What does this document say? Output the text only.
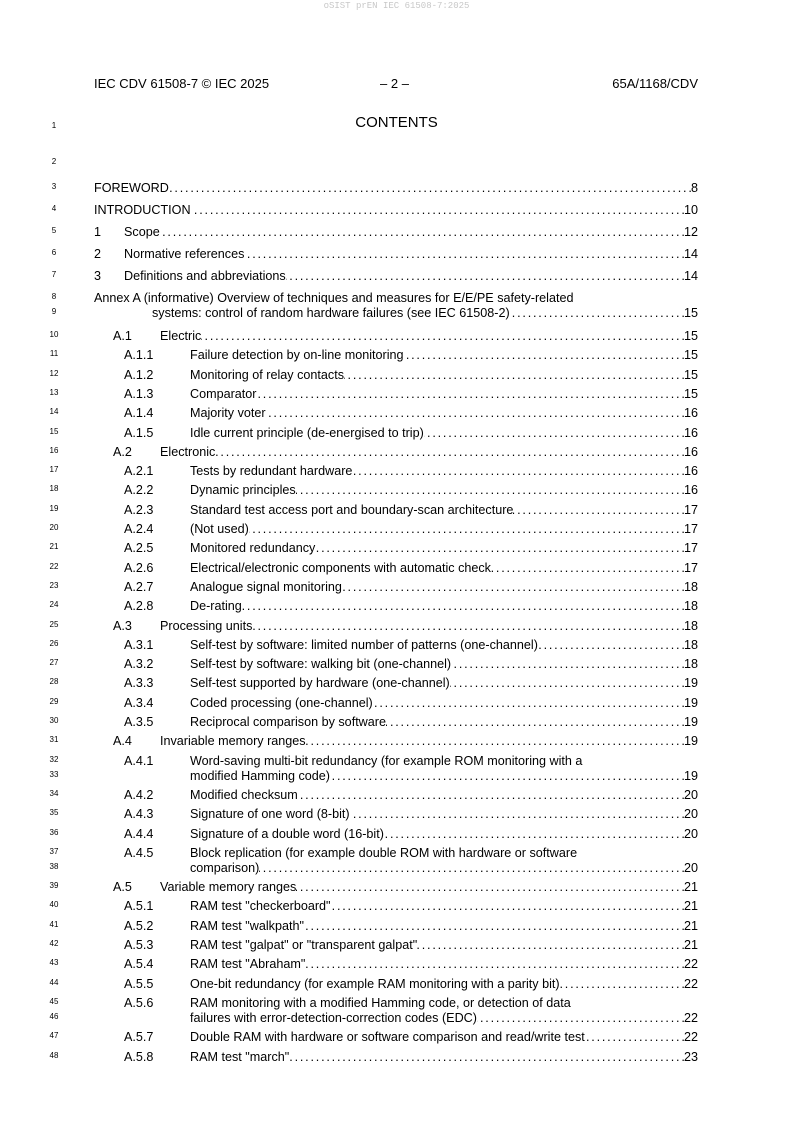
oSIST prEN IEC 61508-7:2025
IEC CDV 61508-7 © IEC 2025	– 2 –	65A/1168/CDV
1	CONTENTS
2
3	FOREWORD . . .	8
4	INTRODUCTION . . .	10
5	1	Scope . . .	12
6	2	Normative references . . .	14
7	3	Definitions and abbreviations . . .	14
8	Annex A (informative) Overview of techniques and measures for E/E/PE safety-related
9	systems: control of random hardware failures (see IEC 61508-2) . . .	15
10	A.1	Electric . . .	15
11	A.1.1	Failure detection by on-line monitoring . . .	15
12	A.1.2	Monitoring of relay contacts . . .	15
13	A.1.3	Comparator . . .	15
14	A.1.4	Majority voter . . .	16
15	A.1.5	Idle current principle (de-energised to trip) . . .	16
16	A.2	Electronic . . .	16
17	A.2.1	Tests by redundant hardware . . .	16
18	A.2.2	Dynamic principles . . .	16
19	A.2.3	Standard test access port and boundary-scan architecture . . .	17
20	A.2.4	(Not used) . . .	17
21	A.2.5	Monitored redundancy . . .	17
22	A.2.6	Electrical/electronic components with automatic check . . .	17
23	A.2.7	Analogue signal monitoring . . .	18
24	A.2.8	De-rating . . .	18
25	A.3	Processing units . . .	18
26	A.3.1	Self-test by software: limited number of patterns (one-channel) . . .	18
27	A.3.2	Self-test by software: walking bit (one-channel) . . .	18
28	A.3.3	Self-test supported by hardware (one-channel) . . .	19
29	A.3.4	Coded processing (one-channel) . . .	19
30	A.3.5	Reciprocal comparison by software . . .	19
31	A.4	Invariable memory ranges . . .	19
32	A.4.1	Word-saving multi-bit redundancy (for example ROM monitoring with a
33	modified Hamming code) . . .	19
34	A.4.2	Modified checksum . . .	20
35	A.4.3	Signature of one word (8-bit) . . .	20
36	A.4.4	Signature of a double word (16-bit) . . .	20
37	A.4.5	Block replication (for example double ROM with hardware or software
38	comparison) . . .	20
39	A.5	Variable memory ranges . . .	21
40	A.5.1	RAM test "checkerboard" . . .	21
41	A.5.2	RAM test "walkpath" . . .	21
42	A.5.3	RAM test "galpat" or "transparent galpat" . . .	21
43	A.5.4	RAM test "Abraham" . . .	22
44	A.5.5	One-bit redundancy (for example RAM monitoring with a parity bit) . . .	22
45	A.5.6	RAM monitoring with a modified Hamming code, or detection of data
46	failures with error-detection-correction codes (EDC) . . .	22
47	A.5.7	Double RAM with hardware or software comparison and read/write test . . .	22
48	A.5.8	RAM test "march" . . .	23
